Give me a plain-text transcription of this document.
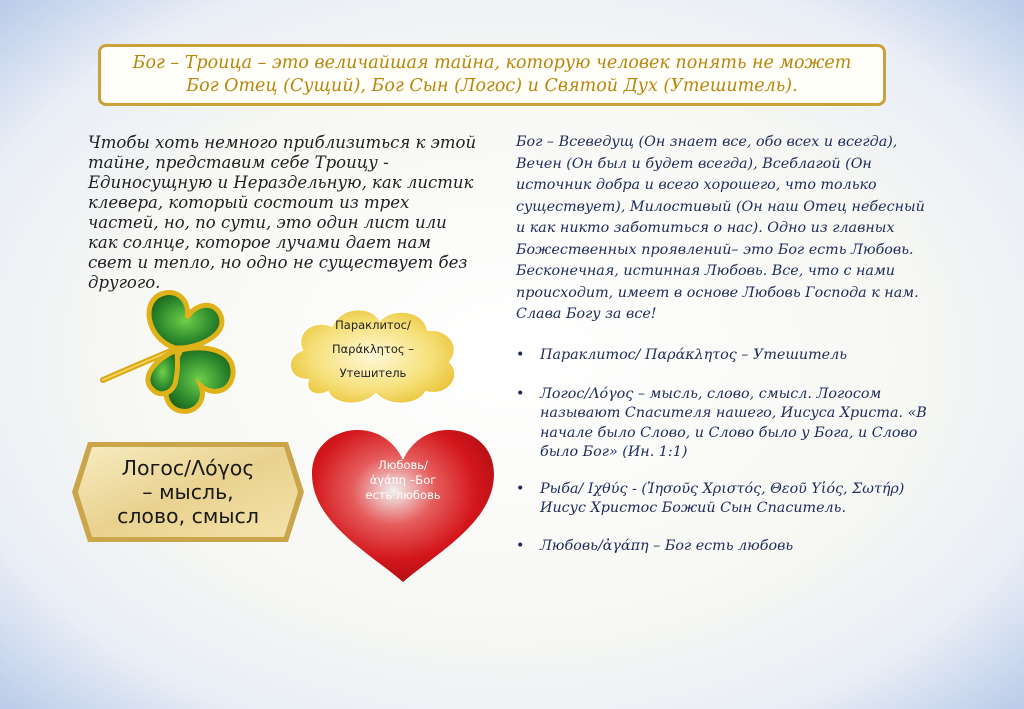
Бог – Троица – это величайшая тайна, которую человек понять не может
Бог Отец (Сущий), Бог Сын (Логос) и Святой Дух (Утешитель).
Чтобы хоть немного приблизиться к этой тайне, представим себе Троицу - Единосущную и Нераздельную, как листик клевера, который состоит из трех частей, но, по сути, это один лист или как солнце, которое лучами дает нам свет и тепло, но одно не существует без другого.
Бог – Всеведущ (Он знает все, обо всех и всегда), Вечен (Он был и будет всегда), Всеблагой (Он источник добра и всего хорошего, что только существует), Милостивый (Он наш Отец небесный и как никто заботиться о нас). Одно из главных Божественных проявлений– это Бог есть Любовь. Бесконечная, истинная Любовь. Все, что с нами происходит, имеет в основе Любовь Господа к нам. Слава Богу за все!
• Параклитос/ Παράκλητος – Утешитель
• Логос/Λόγος – мысль, слово, смысл. Логосом называют Спасителя нашего, Иисуса Христа. «В начале было Слово, и Слово было у Бога, и Слово было Бог» (Ин. 1:1)
• Рыба/ Ιχθύς - (Ἰησοῦς Χριστός, Θεοῦ Υἱός, Σωτήρ) Иисус Христос Божий Сын Спаситель.
• Любовь/ἀγάπη – Бог есть любовь
Параклитос/
Παράκλητος –
Утешитель
Логос/Λόγος
– мысль,
слово, смысл
Любовь/
ἀγάπη –Бог
есть любовь
